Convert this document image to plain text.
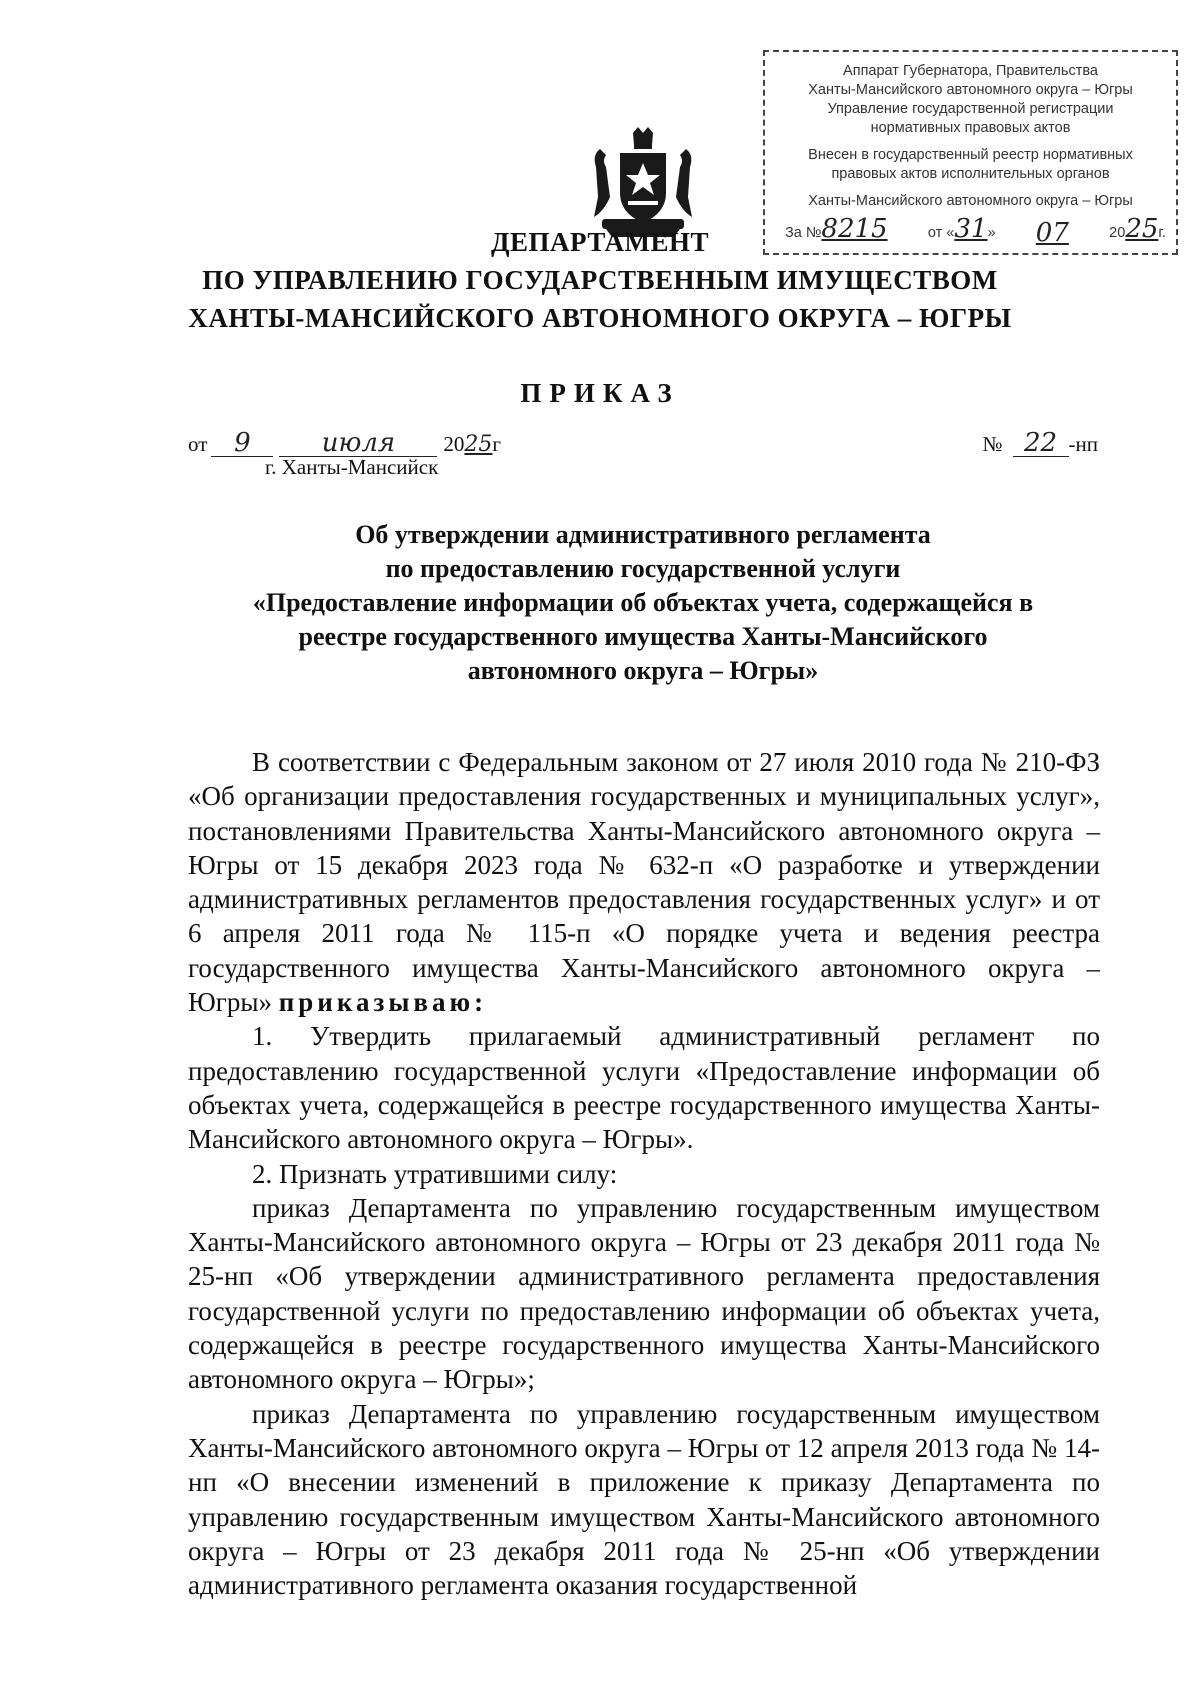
Аппарат Губернатора, Правительства
Ханты-Мансийского автономного округа – Югры
Управление государственной регистрации
нормативных правовых актов
Внесен в государственный реестр нормативных
правовых актов исполнительных органов
Ханты-Мансийского автономного округа – Югры
За №8215	от «31» 07	2025г.
ДЕПАРТАМЕНТ
ПО УПРАВЛЕНИЮ ГОСУДАРСТВЕННЫМ ИМУЩЕСТВОМ
ХАНТЫ-МАНСИЙСКОГО АВТОНОМНОГО ОКРУГА – ЮГРЫ
ПРИКАЗ
от	9	июля	2025г
г. Ханты-Мансийск
№ 22 -нп
Об утверждении административного регламента
по предоставлению государственной услуги
«Предоставление информации об объектах учета, содержащейся в
реестре государственного имущества Ханты-Мансийского
автономного округа – Югры»

В соответствии с Федеральным законом от 27 июля 2010 года № 210-ФЗ «Об организации предоставления государственных и муниципальных услуг», постановлениями Правительства Ханты-Мансийского автономного округа – Югры от 15 декабря 2023 года № 632-п «О разработке и утверждении административных регламентов предоставления государственных услуг» и от 6 апреля 2011 года № 115-п «О порядке учета и ведения реестра государственного имущества Ханты-Мансийского автономного округа – Югры» приказываю:

1. Утвердить прилагаемый административный регламент по предоставлению государственной услуги «Предоставление информации об объектах учета, содержащейся в реестре государственного имущества Ханты-Мансийского автономного округа – Югры».

2. Признать утратившими силу:

приказ Департамента по управлению государственным имуществом Ханты-Мансийского автономного округа – Югры от 23 декабря 2011 года № 25-нп «Об утверждении административного регламента предоставления государственной услуги по предоставлению информации об объектах учета, содержащейся в реестре государственного имущества Ханты-Мансийского автономного округа – Югры»;

приказ Департамента по управлению государственным имуществом Ханты-Мансийского автономного округа – Югры от 12 апреля 2013 года № 14-нп «О внесении изменений в приложение к приказу Департамента по управлению государственным имуществом Ханты-Мансийского автономного округа – Югры от 23 декабря 2011 года № 25-нп «Об утверждении административного регламента оказания государственной
